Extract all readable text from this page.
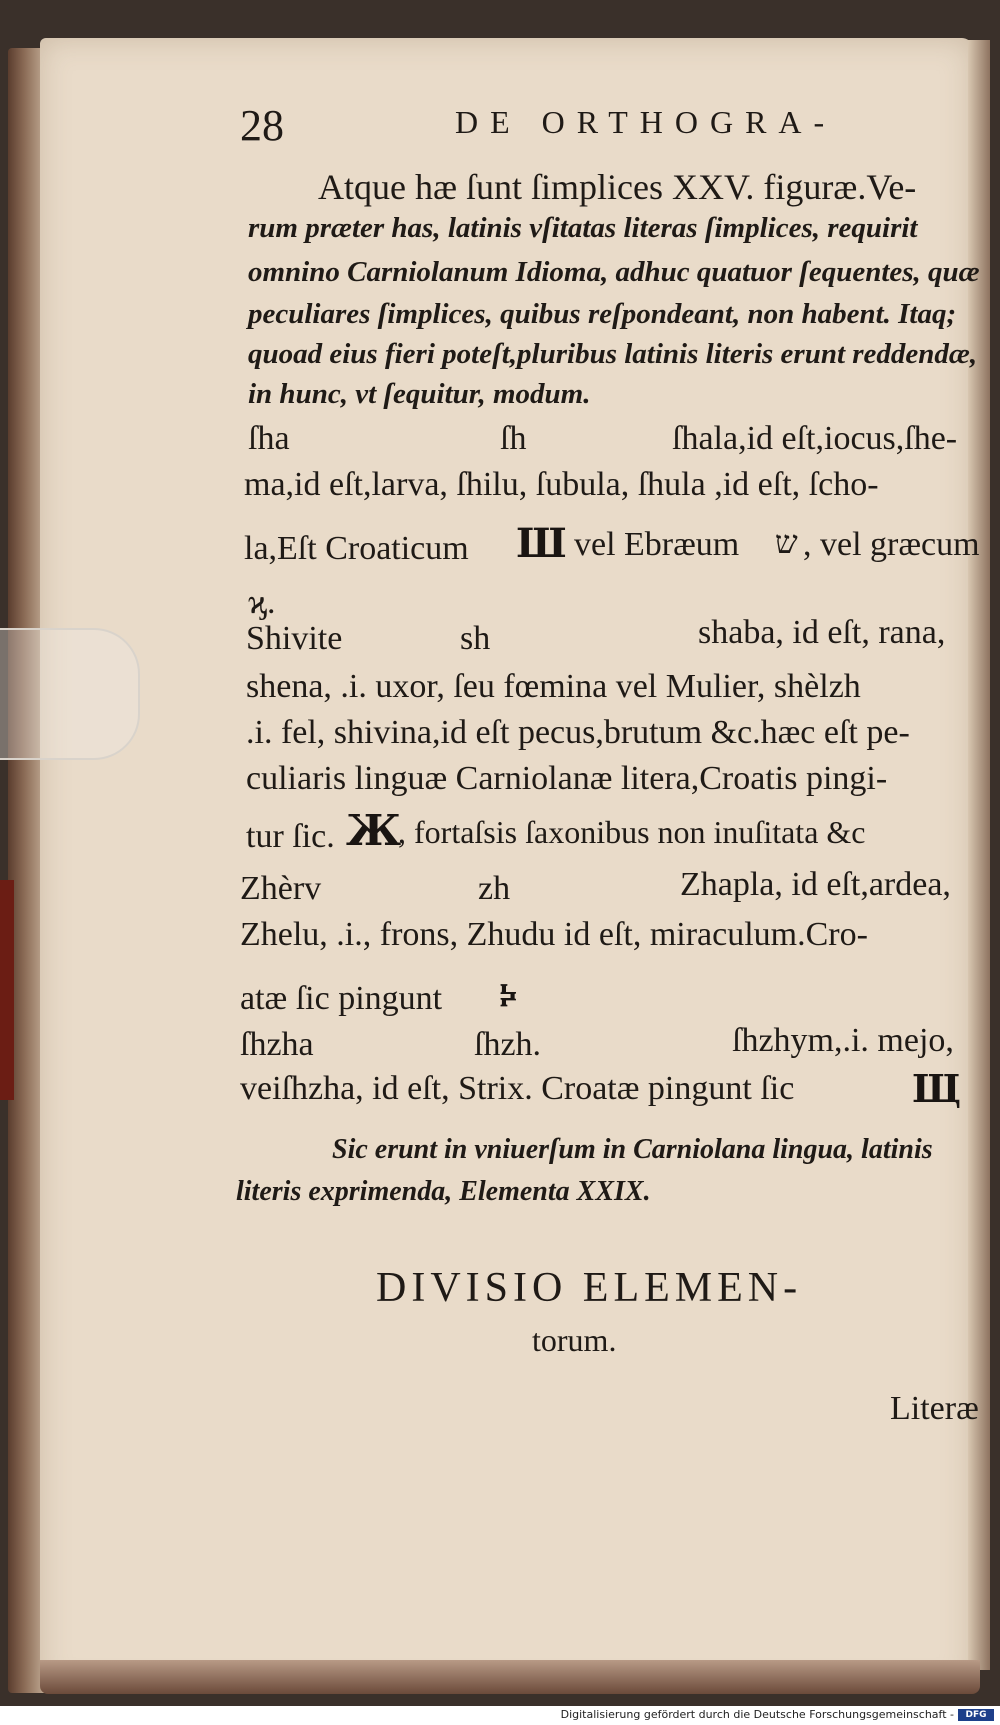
28	DE ORTHOGRA-
Atque hæ ſunt ſimplices XXV. figuræ.Ve-
rum præter has, latinis vſitatas literas ſimplices, requirit
omnino Carniolanum Idioma, adhuc quatuor ſequentes, quæ
peculiares ſimplices, quibus reſpondeant, non habent. Itaq;
quoad eius fieri poteſt,pluribus latinis literis erunt reddendæ,
in hunc, vt ſequitur, modum.
ſha	ſh	ſhala,id eſt,iocus,ſhe-
ma,id eſt,larva, ſhilu, ſubula, ſhula ,id eſt, ſcho-
la,Eſt Croaticum Ш vel Ebræum ש , vel græcum
ϗ.
Shivite	sh	shaba, id eſt, rana,
shena, .i. uxor, ſeu fœmina vel Mulier, shèlzh
.i. fel, shivina,id eſt pecus,brutum &c.hæc eſt pe-
culiaris linguæ Carniolanæ litera,Croatis pingi-
tur ſic. Ж
, fortaſsis ſaxonibus non inuſitata &c
Zhèrv	zh	Zhapla, id eſt,ardea,
Zhelu, .i., frons, Zhudu id eſt, miraculum.Cro-
atæ ſic pingunt ⰽ
ſhzha	ſhzh.	ſhzhym,.i. mejo,
veiſhzha, id eſt, Strix. Croatæ pingunt ſic	Щ
Sic erunt in vniuerſum in Carniolana lingua, latinis
literis exprimenda, Elementa XXIX.
DIVISIO ELEMEN-
torum.
Literæ
Digitalisierung gefördert durch die Deutsche Forschungsgemeinschaft -	DFG
